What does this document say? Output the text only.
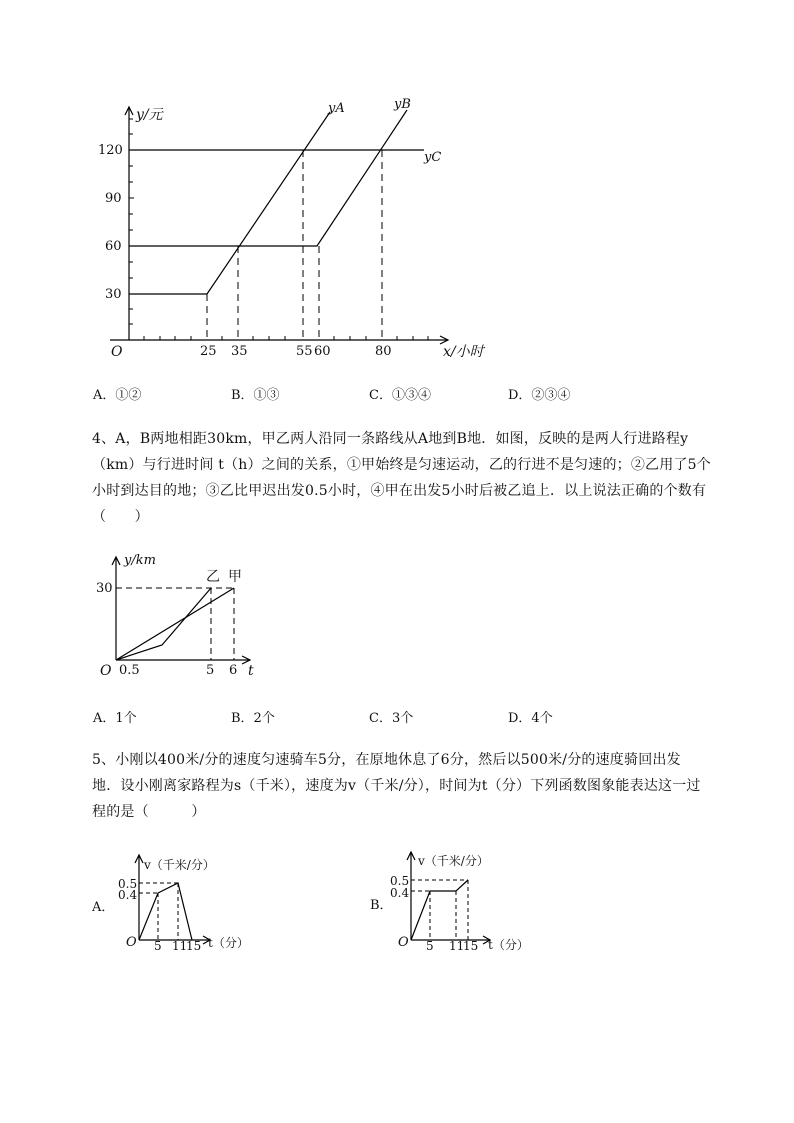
y/元
x/小时
O
120
90
60
30
25 35	55 60	80
yA	yB
yC
A．①②	B．①③	C．①③④	D．②③④
4、A，B两地相距30km，甲乙两人沿同一条路线从A地到B地．如图，反映的是两人行进路程y
（km）与行进时间 t（h）之间的关系，①甲始终是匀速运动，乙的行进不是匀速的；②乙用了5个
小时到达目的地；③乙比甲迟出发0.5小时，④甲在出发5小时后被乙追上．以上说法正确的个数有
（　　）
y/km
t
O
30
0.5	5 6
乙 甲
A．1个	B．2个	C．3个	D．4个
5、小刚以400米/分的速度匀速骑车5分，在原地休息了6分，然后以500米/分的速度骑回出发
地．设小刚离家路程为s（千米），速度为v（千米/分），时间为t（分）下列函数图象能表达这一过
程的是（　　　）
A．
v（千米/分）
t（分）
O
0.5
0.4
5 11
15
B．
v（千米/分）
t（分）
O
0.5
0.4
5 11
15
